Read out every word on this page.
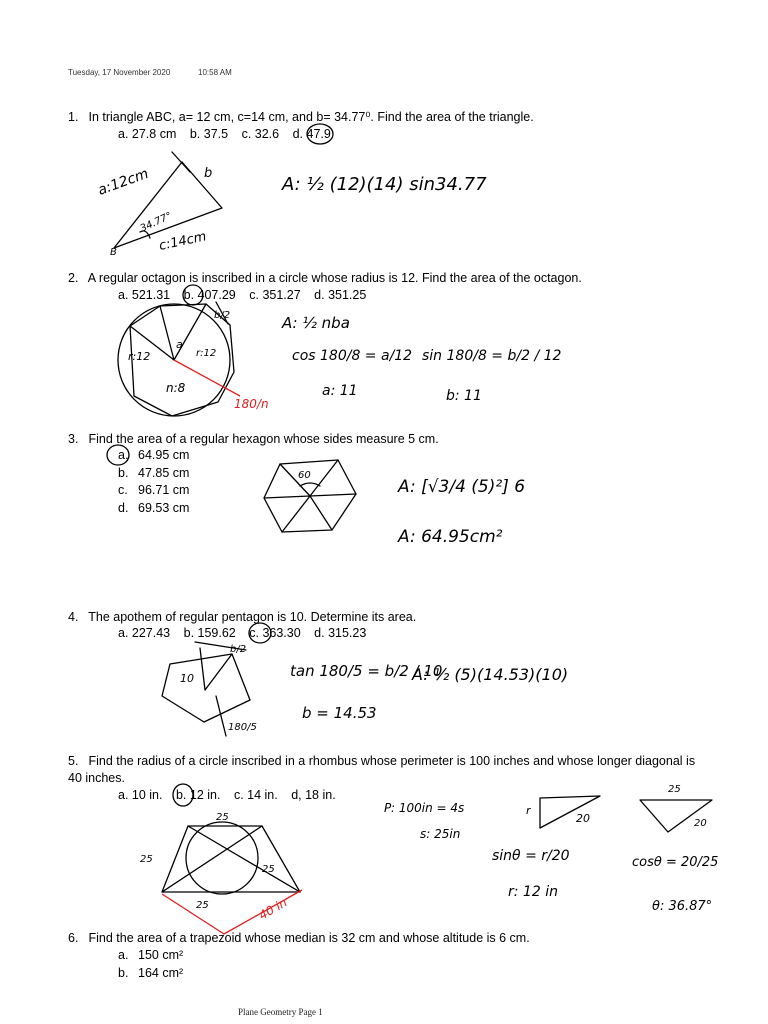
Tuesday, 17 November 2020	10:58 AM
1. In triangle ABC, a= 12 cm, c=14 cm, and b= 34.77⁰. Find the area of the triangle.
a. 27.8 cm b. 37.5 c. 32.6 d. 47.9
2. A regular octagon is inscribed in a circle whose radius is 12. Find the area of the octagon.
a. 521.31 b. 407.29 c. 351.27 d. 351.25
3. Find the area of a regular hexagon whose sides measure 5 cm.
a. 64.95 cm
b. 47.85 cm
c. 96.71 cm
d. 69.53 cm
4. The apothem of regular pentagon is 10. Determine its area.
a. 227.43 b. 159.62 c. 363.30 d. 315.23
5. Find the radius of a circle inscribed in a rhombus whose perimeter is 100 inches and whose longer diagonal is 40 inches.
a. 10 in. b. 12 in. c. 14 in. d, 18 in.
6. Find the area of a trapezoid whose median is 32 cm and whose altitude is 6 cm.
a. 150 cm²
b. 164 cm²
a:12cm	b
34.77°
c:14cm
B
A: ½ (12)(14) sin34.77
r:12
a
r:12
n:8
b/2
180/n
A: ½ nba
cos 180/8 = a/12 sin 180/8 = b/2 / 12
a: 11	b: 11
60
A: [√3/4 (5)²] 6
A: 64.95cm²
10
b/2
180/5
tan 180/5 = b/2 / 10
b = 14.53
A: ½ (5)(14.53)(10)
25
25
25
25	40 in
P: 100in = 4s
s: 25in
r
20
sinθ = r/20
r: 12 in
25
20
cosθ = 20/25
θ: 36.87°
Plane Geometry Page 1
